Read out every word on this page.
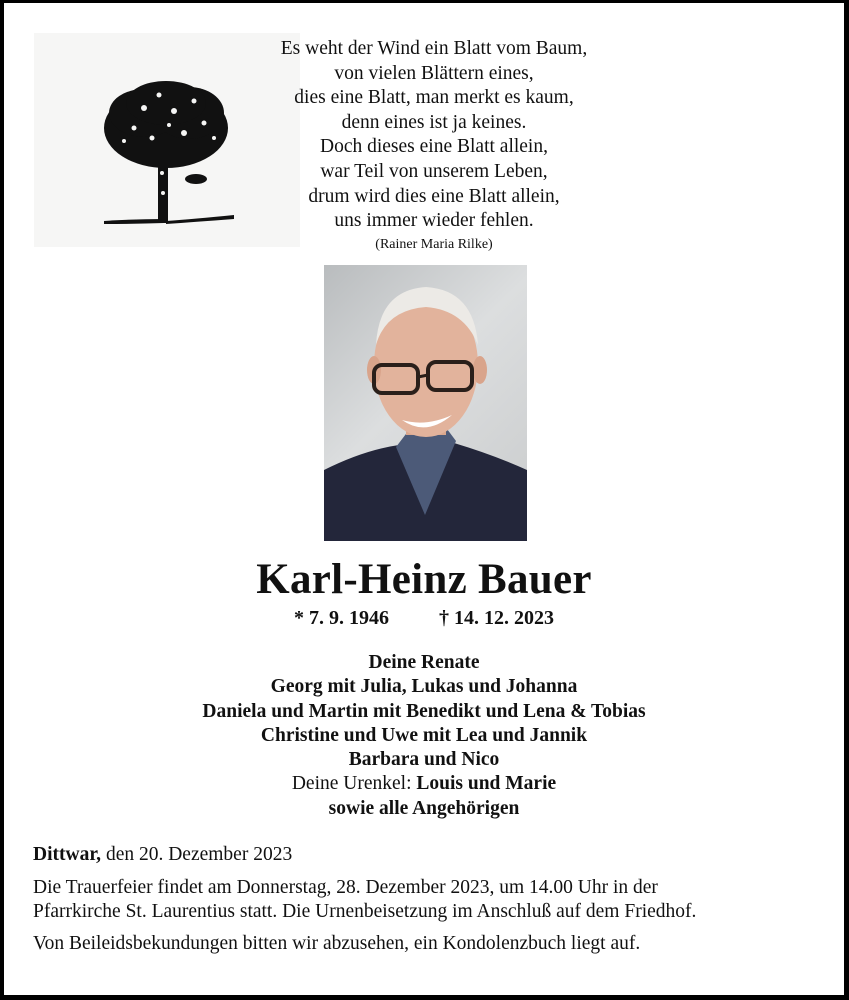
Es weht der Wind ein Blatt vom Baum,
von vielen Blättern eines,
dies eine Blatt, man merkt es kaum,
denn eines ist ja keines.
Doch dieses eine Blatt allein,
war Teil von unserem Leben,
drum wird dies eine Blatt allein,
uns immer wieder fehlen.
(Rainer Maria Rilke)
Karl-Heinz Bauer
* 7. 9. 1946	† 14. 12. 2023
Deine Renate
Georg mit Julia, Lukas und Johanna
Daniela und Martin mit Benedikt und Lena & Tobias
Christine und Uwe mit Lea und Jannik
Barbara und Nico
Deine Urenkel: Louis und Marie
sowie alle Angehörigen

Dittwar, den 20. Dezember 2023

Die Trauerfeier findet am Donnerstag, 28. Dezember 2023, um 14.00 Uhr in der
Pfarrkirche St. Laurentius statt. Die Urnenbeisetzung im Anschluß auf dem Friedhof.

Von Beileidsbekundungen bitten wir abzusehen, ein Kondolenzbuch liegt auf.
